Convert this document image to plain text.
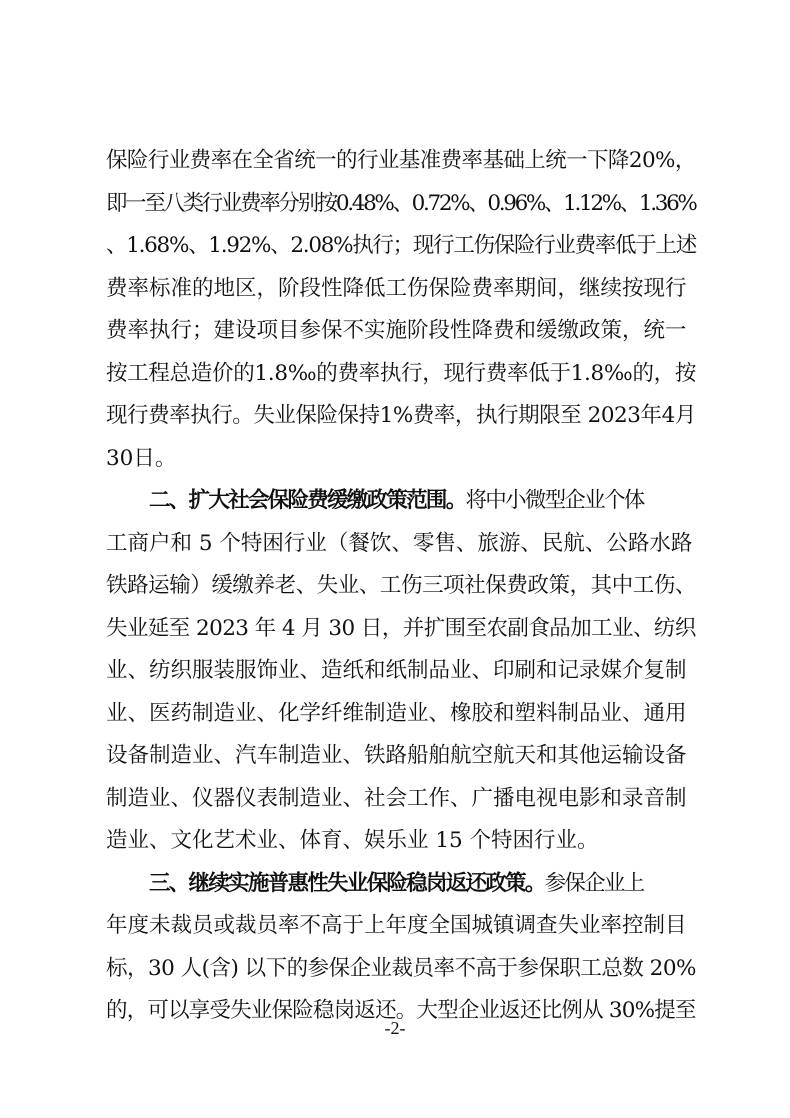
保险行业费率在全省统一的行业基准费率基础上统一下降20%，
即一至八类行业费率分别按0.48%、0.72%、0.96%、1.12%、1.36%
、1.68%、1.92%、2.08%执行；现行工伤保险行业费率低于上述
费率标准的地区，阶段性降低工伤保险费率期间，继续按现行
费率执行；建设项目参保不实施阶段性降费和缓缴政策，统一
按工程总造价的1.8‰的费率执行，现行费率低于1.8‰的，按
现行费率执行。失业保险保持1%费率，执行期限至 2023年4月
30日。
二、扩大社会保险费缓缴政策范围。将中小微型企业个体
工商户和 5 个特困行业（餐饮、零售、旅游、民航、公路水路
铁路运输）缓缴养老、失业、工伤三项社保费政策，其中工伤、
失业延至 2023 年 4 月 30 日，并扩围至农副食品加工业、纺织
业、纺织服装服饰业、造纸和纸制品业、印刷和记录媒介复制
业、医药制造业、化学纤维制造业、橡胶和塑料制品业、通用
设备制造业、汽车制造业、铁路船舶航空航天和其他运输设备
制造业、仪器仪表制造业、社会工作、广播电视电影和录音制
造业、文化艺术业、体育、娱乐业 15 个特困行业。
三、继续实施普惠性失业保险稳岗返还政策。参保企业上
年度未裁员或裁员率不高于上年度全国城镇调查失业率控制目
标，30 人(含) 以下的参保企业裁员率不高于参保职工总数 20%
的，可以享受失业保险稳岗返还。大型企业返还比例从 30%提至
-2-
